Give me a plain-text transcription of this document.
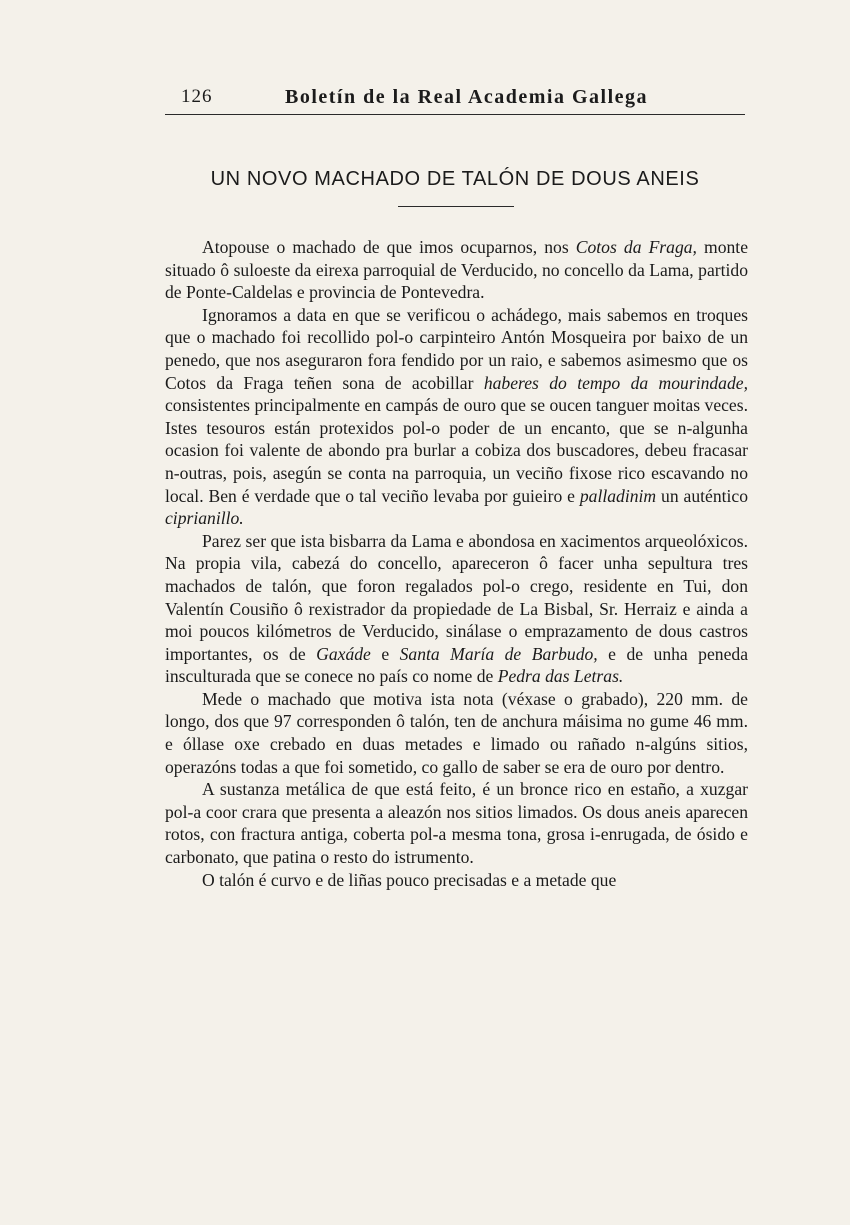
126	Boletín de la Real Academia Gallega
UN NOVO MACHADO DE TALÓN DE DOUS ANEIS

Atopouse o machado de que imos ocuparnos, nos Cotos da Fraga, monte situado ô suloeste da eirexa parroquial de Verducido, no concello da Lama, partido de Ponte-Caldelas e provincia de Pontevedra.

Ignoramos a data en que se verificou o achádego, mais sabemos en troques que o machado foi recollido pol-o carpinteiro Antón Mosqueira por baixo de un penedo, que nos aseguraron fora fendido por un raio, e sabemos asimesmo que os Cotos da Fraga teñen sona de acobillar haberes do tempo da mourindade, consistentes principalmente en campás de ouro que se oucen tanguer moitas veces. Istes tesouros están protexidos pol-o poder de un encanto, que se n-algunha ocasion foi valente de abondo pra burlar a cobiza dos buscadores, debeu fracasar n-outras, pois, asegún se conta na parroquia, un veciño fixose rico escavando no local. Ben é verdade que o tal veciño levaba por guieiro e palladinim un auténtico ciprianillo.

Parez ser que ista bisbarra da Lama e abondosa en xacimentos arqueolóxicos. Na propia vila, cabezá do concello, apareceron ô facer unha sepultura tres machados de talón, que foron regalados pol-o crego, residente en Tui, don Valentín Cousiño ô rexistrador da propiedade de La Bisbal, Sr. Herraiz e ainda a moi poucos kilómetros de Verducido, sinálase o emprazamento de dous castros importantes, os de Gaxáde e Santa María de Barbudo, e de unha peneda insculturada que se conece no país co nome de Pedra das Letras.

Mede o machado que motiva ista nota (véxase o grabado), 220 mm. de longo, dos que 97 corresponden ô talón, ten de anchura máisima no gume 46 mm. e óllase oxe crebado en duas metades e limado ou rañado n-algúns sitios, operazóns todas a que foi sometido, co gallo de saber se era de ouro por dentro.

A sustanza metálica de que está feito, é un bronce rico en estaño, a xuzgar pol-a coor crara que presenta a aleazón nos sitios limados. Os dous aneis aparecen rotos, con fractura antiga, coberta pol-a mesma tona, grosa i-enrugada, de ósido e carbonato, que patina o resto do istrumento.

O talón é curvo e de liñas pouco precisadas e a metade que
